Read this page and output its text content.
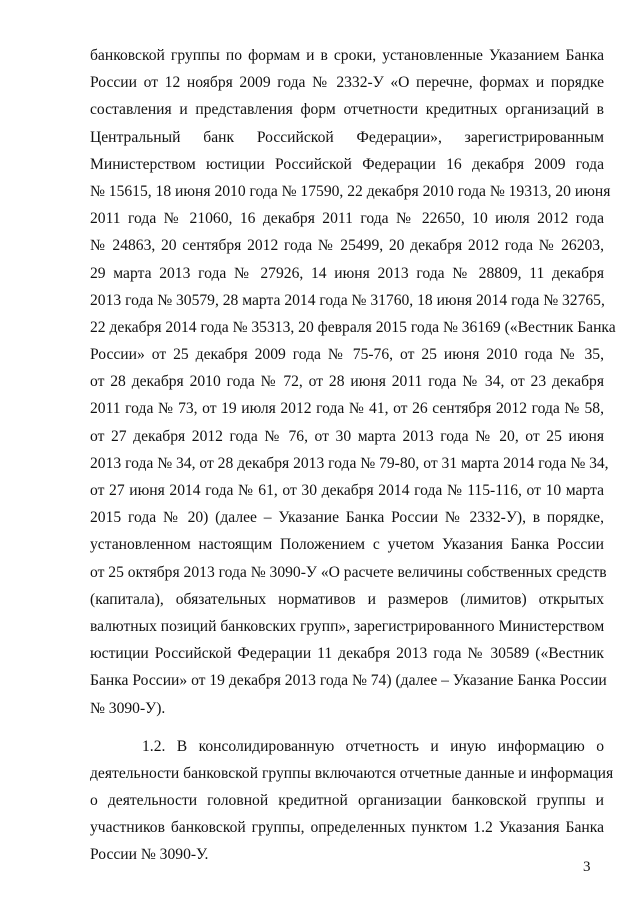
банковской группы по формам и в сроки, установленные Указанием Банка
России от 12 ноября 2009 года № 2332-У «О перечне, формах и порядке
составления и представления форм отчетности кредитных организаций в
Центральный банк Российской Федерации», зарегистрированным
Министерством юстиции Российской Федерации 16 декабря 2009 года
№ 15615, 18 июня 2010 года № 17590, 22 декабря 2010 года № 19313, 20 июня
2011 года № 21060, 16 декабря 2011 года № 22650, 10 июля 2012 года
№ 24863, 20 сентября 2012 года № 25499, 20 декабря 2012 года № 26203,
29 марта 2013 года № 27926, 14 июня 2013 года № 28809, 11 декабря
2013 года № 30579, 28 марта 2014 года № 31760, 18 июня 2014 года № 32765,
22 декабря 2014 года № 35313, 20 февраля 2015 года № 36169 («Вестник Банка
России» от 25 декабря 2009 года № 75-76, от 25 июня 2010 года № 35,
от 28 декабря 2010 года № 72, от 28 июня 2011 года № 34, от 23 декабря
2011 года № 73, от 19 июля 2012 года № 41, от 26 сентября 2012 года № 58,
от 27 декабря 2012 года № 76, от 30 марта 2013 года № 20, от 25 июня
2013 года № 34, от 28 декабря 2013 года № 79-80, от 31 марта 2014 года № 34,
от 27 июня 2014 года № 61, от 30 декабря 2014 года № 115-116, от 10 марта
2015 года № 20) (далее – Указание Банка России № 2332-У), в порядке,
установленном настоящим Положением с учетом Указания Банка России
от 25 октября 2013 года № 3090-У «О расчете величины собственных средств
(капитала), обязательных нормативов и размеров (лимитов) открытых
валютных позиций банковских групп», зарегистрированного Министерством
юстиции Российской Федерации 11 декабря 2013 года № 30589 («Вестник
Банка России» от 19 декабря 2013 года № 74) (далее – Указание Банка России
№ 3090-У).
1.2. В консолидированную отчетность и иную информацию о
деятельности банковской группы включаются отчетные данные и информация
о деятельности головной кредитной организации банковской группы и
участников банковской группы, определенных пунктом 1.2 Указания Банка
России № 3090-У.
3
